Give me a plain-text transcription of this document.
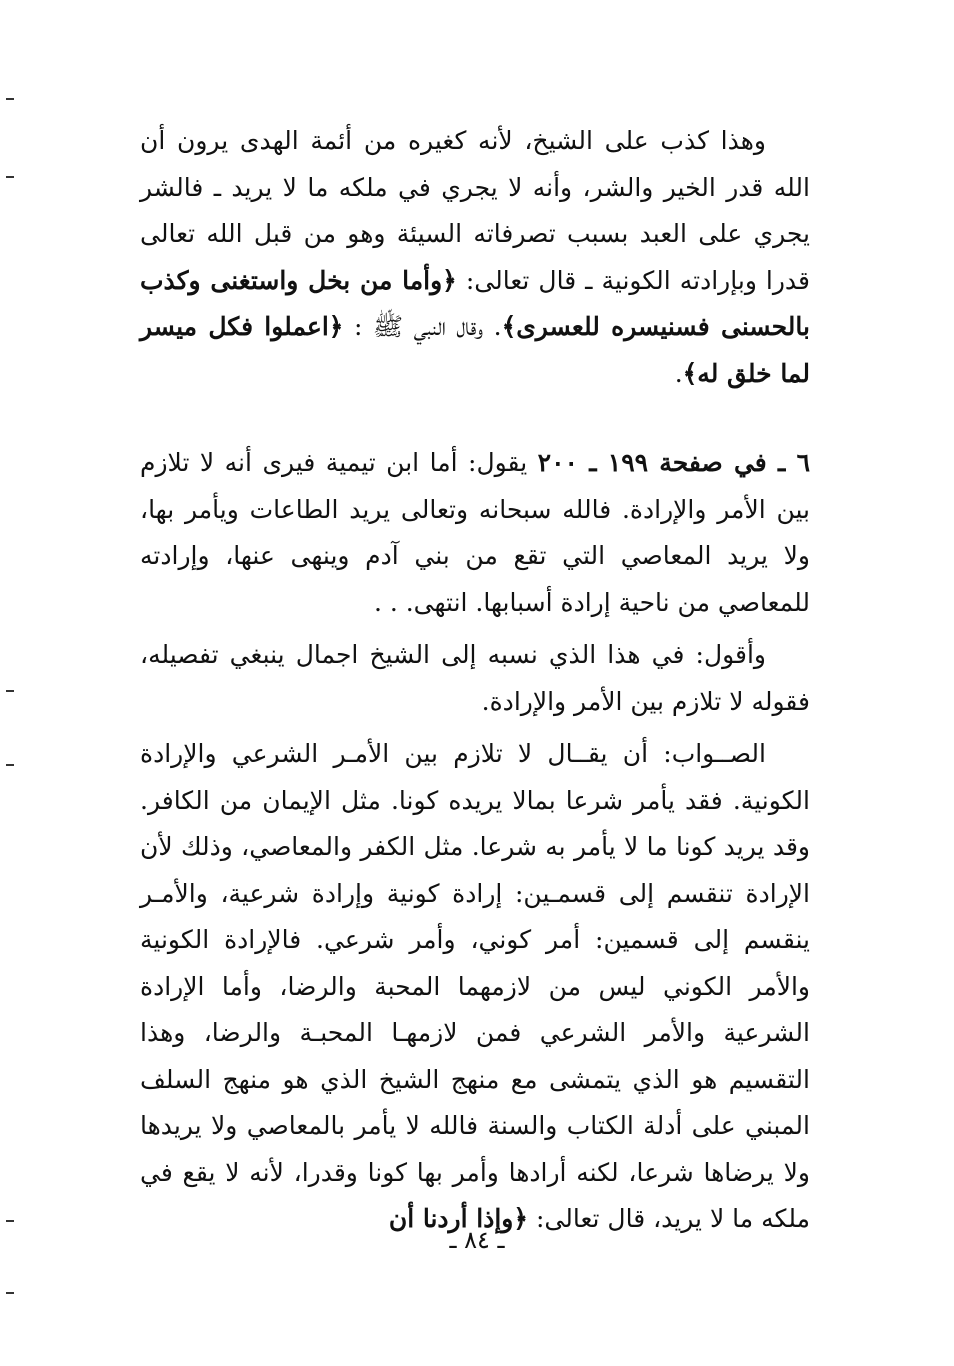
وهذا كذب على الشيخ، لأنه كغيره من أئمة الهدى يرون أن الله قدر الخير والشر، وأنه لا يجري في ملكه ما لا يريد ـ فالشر يجري على العبد بسبب تصرفاته السيئة وهو من قبل الله تعالى قدرا وبإرادته الكونية ـ قال تعالى: ﴿وأما من بخل واستغنى وكذب بالحسنى فسنيسره للعسرى﴾. وقال النبي ﷺ : ﴿اعملوا فكل ميسر لما خلق له﴾.

٦ ـ في صفحة ١٩٩ ـ ٢٠٠ يقول: أما ابن تيمية فيرى أنه لا تلازم بين الأمر والإرادة. فالله سبحانه وتعالى يريد الطاعات ويأمر بها، ولا يريد المعاصي التي تقع من بني آدم وينهى عنها، وإرادته للمعاصي من ناحية إرادة أسبابها. انتهى. . .

وأقول: في هذا الذي نسبه إلى الشيخ اجمال ينبغي تفصيله، فقوله لا تلازم بين الأمر والإرادة.

الصــواب: أن يقــال لا تلازم بين الأمـر الشرعي والإرادة الكونية. فقد يأمر شرعا بمالا يريده كونا. مثل الإيمان من الكافر. وقد يريد كونا ما لا يأمر به شرعا. مثل الكفر والمعاصي، وذلك لأن الإرادة تنقسم إلى قسمـين: إرادة كونية وإرادة شرعية، والأمـر ينقسم إلى قسمين: أمر كوني، وأمر شرعي. فالإرادة الكونية والأمر الكوني ليس من لازمهما المحبة والرضا، وأما الإرادة الشرعية والأمر الشرعي فمن لازمهـا المحبـة والرضا، وهذا التقسيم هو الذي يتمشى مع منهج الشيخ الذي هو منهج السلف المبني على أدلة الكتاب والسنة فالله لا يأمر بالمعاصي ولا يريدها ولا يرضاها شرعا، لكنه أرادها وأمر بها كونا وقدرا، لأنه لا يقع في ملكه ما لا يريد، قال تعالى: ﴿وإذا أردنا أن

ـ ٨٤ ـ
